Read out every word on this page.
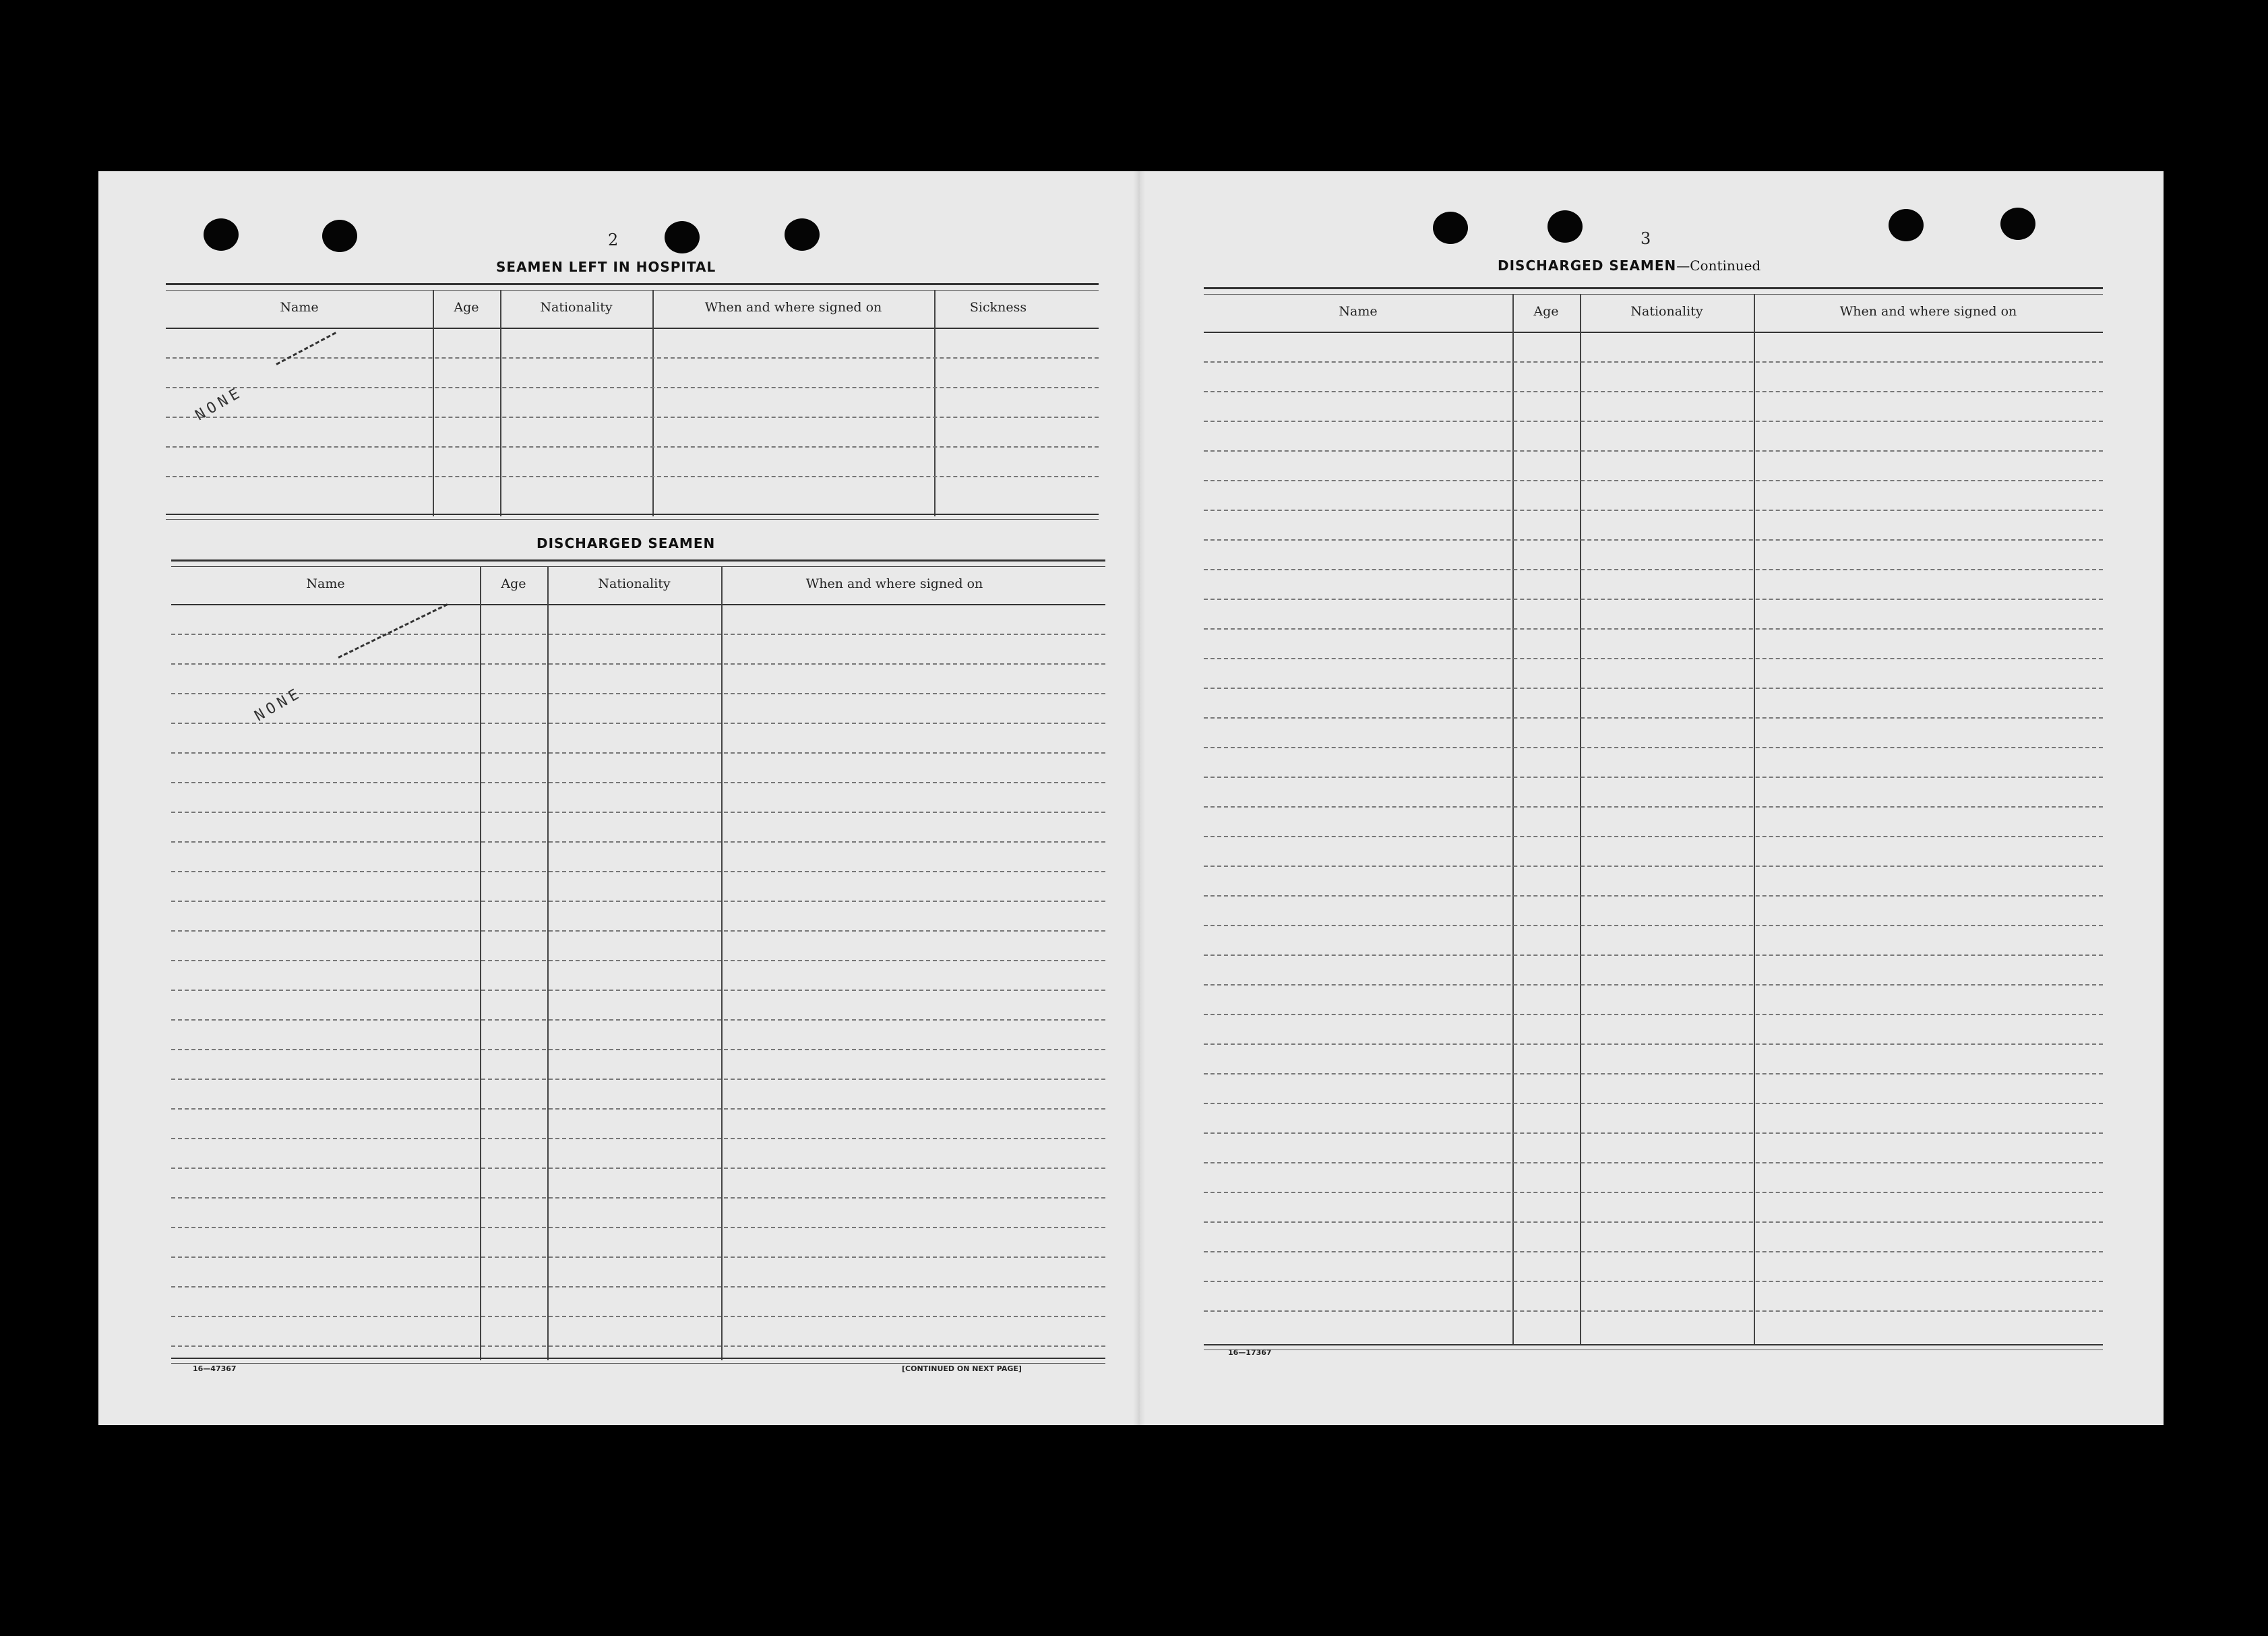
2
SEAMEN LEFT IN HOSPITAL
Name	Age	Nationality	When and where signed on	Sickness
NONE
DISCHARGED SEAMEN
Name	Age	Nationality	When and where signed on
NONE
16—47367	[CONTINUED ON NEXT PAGE]
3
DISCHARGED SEAMEN—Continued
Name	Age	Nationality	When and where signed on
16—17367
